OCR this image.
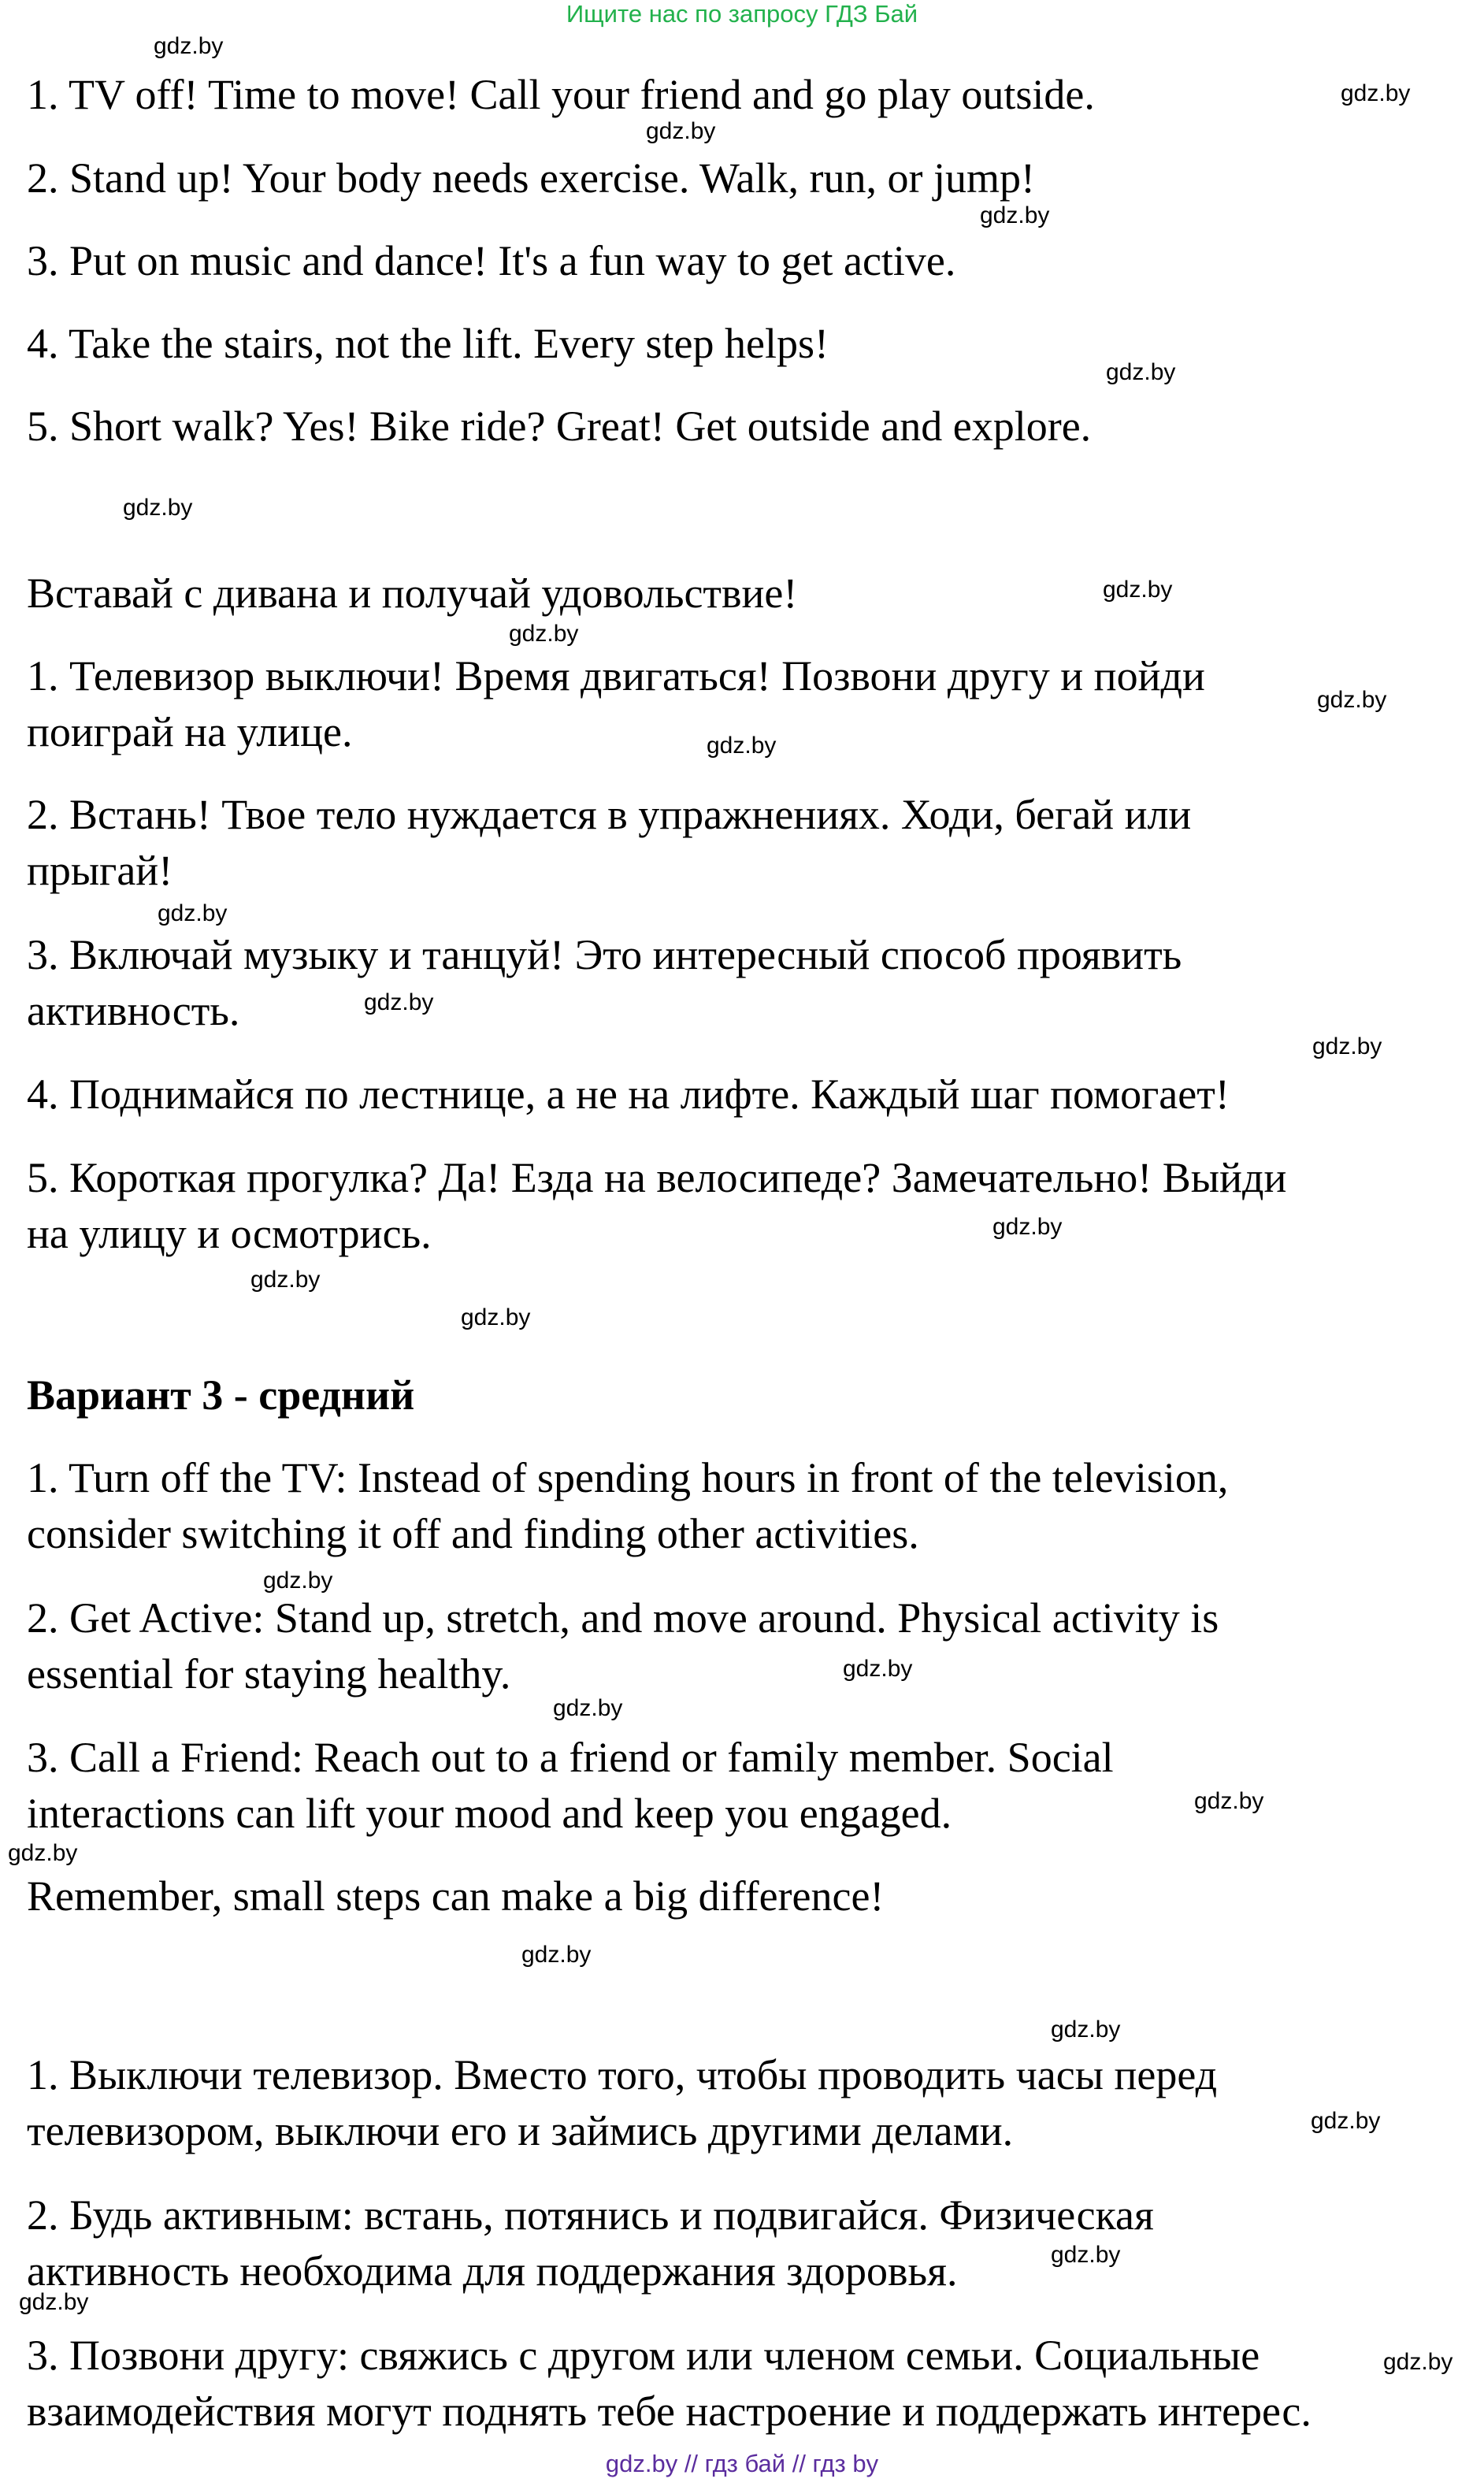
Ищите нас по запросу ГДЗ Бай
1. TV off! Time to move! Call your friend and go play outside.
2. Stand up! Your body needs exercise. Walk, run, or jump!
3. Put on music and dance! It's a fun way to get active.
4. Take the stairs, not the lift. Every step helps!
5. Short walk? Yes! Bike ride? Great! Get outside and explore.
Вставай с дивана и получай удовольствие!
1. Телевизор выключи! Время двигаться! Позвони другу и пойди
поиграй на улице.
2. Встань! Твое тело нуждается в упражнениях. Ходи, бегай или
прыгай!
3. Включай музыку и танцуй! Это интересный способ проявить
активность.
4. Поднимайся по лестнице, а не на лифте. Каждый шаг помогает!
5. Короткая прогулка? Да! Езда на велосипеде? Замечательно! Выйди
на улицу и осмотрись.
Вариант 3 - средний
1. Turn off the TV: Instead of spending hours in front of the television,
consider switching it off and finding other activities.
2. Get Active: Stand up, stretch, and move around. Physical activity is
essential for staying healthy.
3. Call a Friend: Reach out to a friend or family member. Social
interactions can lift your mood and keep you engaged.
Remember, small steps can make a big difference!
1. Выключи телевизор. Вместо того, чтобы проводить часы перед
телевизором, выключи его и займись другими делами.
2. Будь активным: встань, потянись и подвигайся. Физическая
активность необходима для поддержания здоровья.
3. Позвони другу: свяжись с другом или членом семьи. Социальные
взаимодействия могут поднять тебе настроение и поддержать интерес.
gdz.by
gdz.by
gdz.by
gdz.by
gdz.by
gdz.by
gdz.by
gdz.by
gdz.by
gdz.by
gdz.by
gdz.by
gdz.by
gdz.by
gdz.by
gdz.by
gdz.by
gdz.by
gdz.by
gdz.by
gdz.by
gdz.by
gdz.by
gdz.by
gdz.by
gdz.by
gdz.by
gdz.by // гдз бай // гдз by
